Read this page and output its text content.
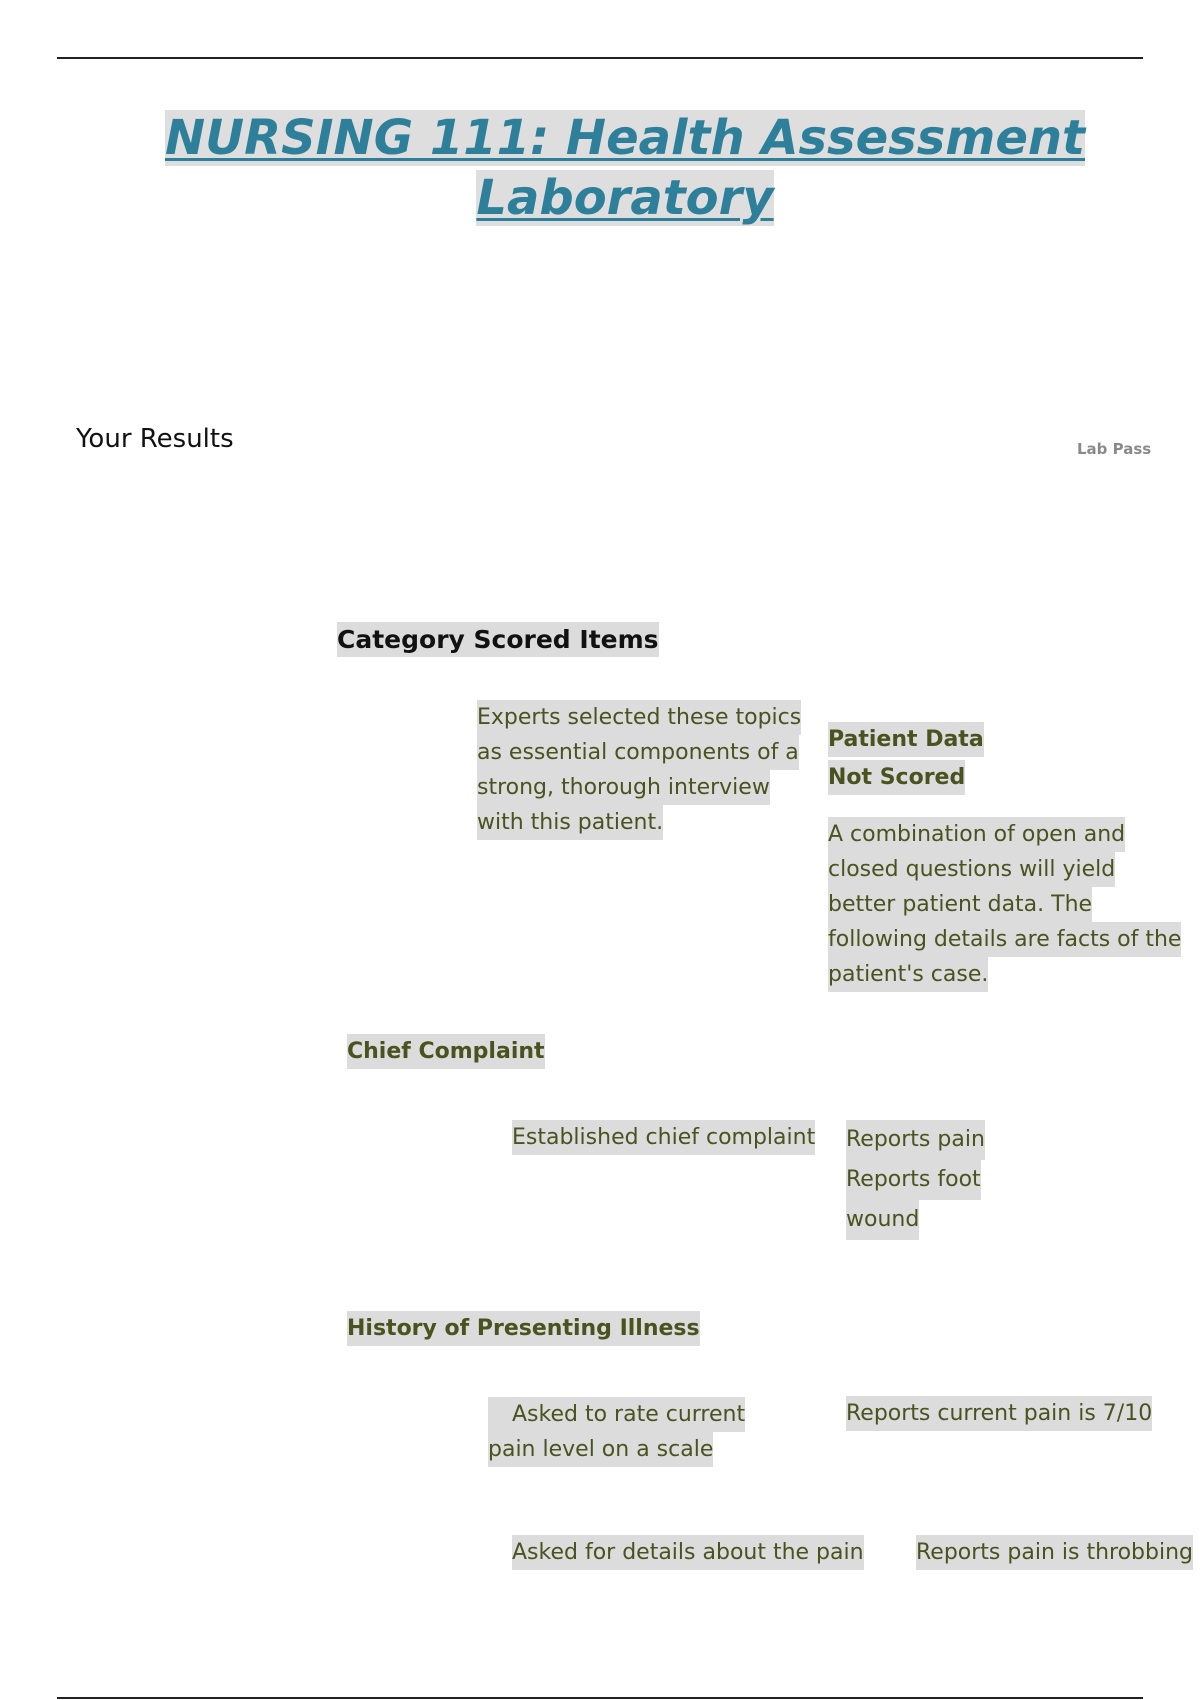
NURSING 111: Health Assessment
Laboratory
Your Results	Lab Pass
Category Scored Items
Experts selected these topics
as essential components of a
strong, thorough interview
with this patient.
Patient Data
Not Scored
A combination of open and
closed questions will yield
better patient data. The
following details are facts of the
patient's case.
Chief Complaint
Established chief complaint Reports pain
Reports foot
wound
History of Presenting Illness
Asked to rate current
pain level on a scale
Reports current pain is 7/10
Asked for details about the pain Reports pain is throbbing
